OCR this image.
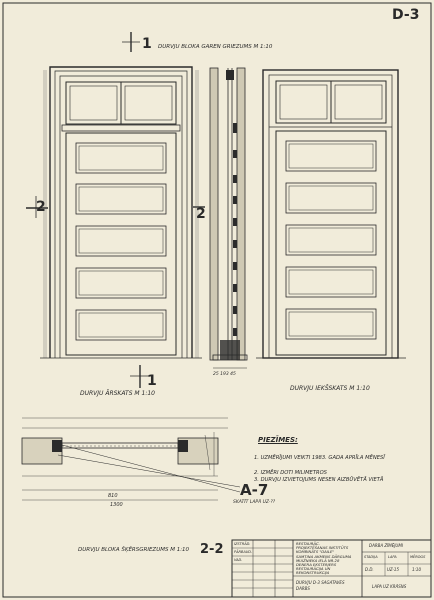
D-3
1
1
2	2
DURVJU BLOKA GAREN GRIEZUMS M 1:10
DURVJU ĀRSKATS M 1:10
DURVJU IEKŠSKATS M 1:10
25 193 45
810
1300
PIEZĪMES:
1. UZMĒRĪJUMI VEIKTI 1983. GADA APRĪLA MĒNESĪ
2. IZMĒRI DOTI MILIMETROS
3. DURVJU IZVIETOJUMS NESEN AIZBŪVĒTĀ VIETĀ
A-7
SKATĪT LAPĀ UZ-??
DURVJU BLOKA ŠĶĒRSGRIEZUMS M 1:10 2-2	IZSTRĀD.
PĀRBAUD.
VAD.
RESTAURĀC.
PROJEKTĒŠANAS INSTITŪTS
KOMBINĀTS "DAILE"
SAMTINA AKMENS DĀRGUMA
MUIŽNIEKA IELĀ NR.28
DENERA EKSTERJERS
RESTAURĀCIJA UN
REKONSTRUKCIJA
DURVJU D-3 SAGATAVES
DARBS
DARBA ZĪMĒJUMI
STADIJA	LAPA	MĒROGS
D.D.	UZ-15	1:10
LAPA UZ KRĀSNS
